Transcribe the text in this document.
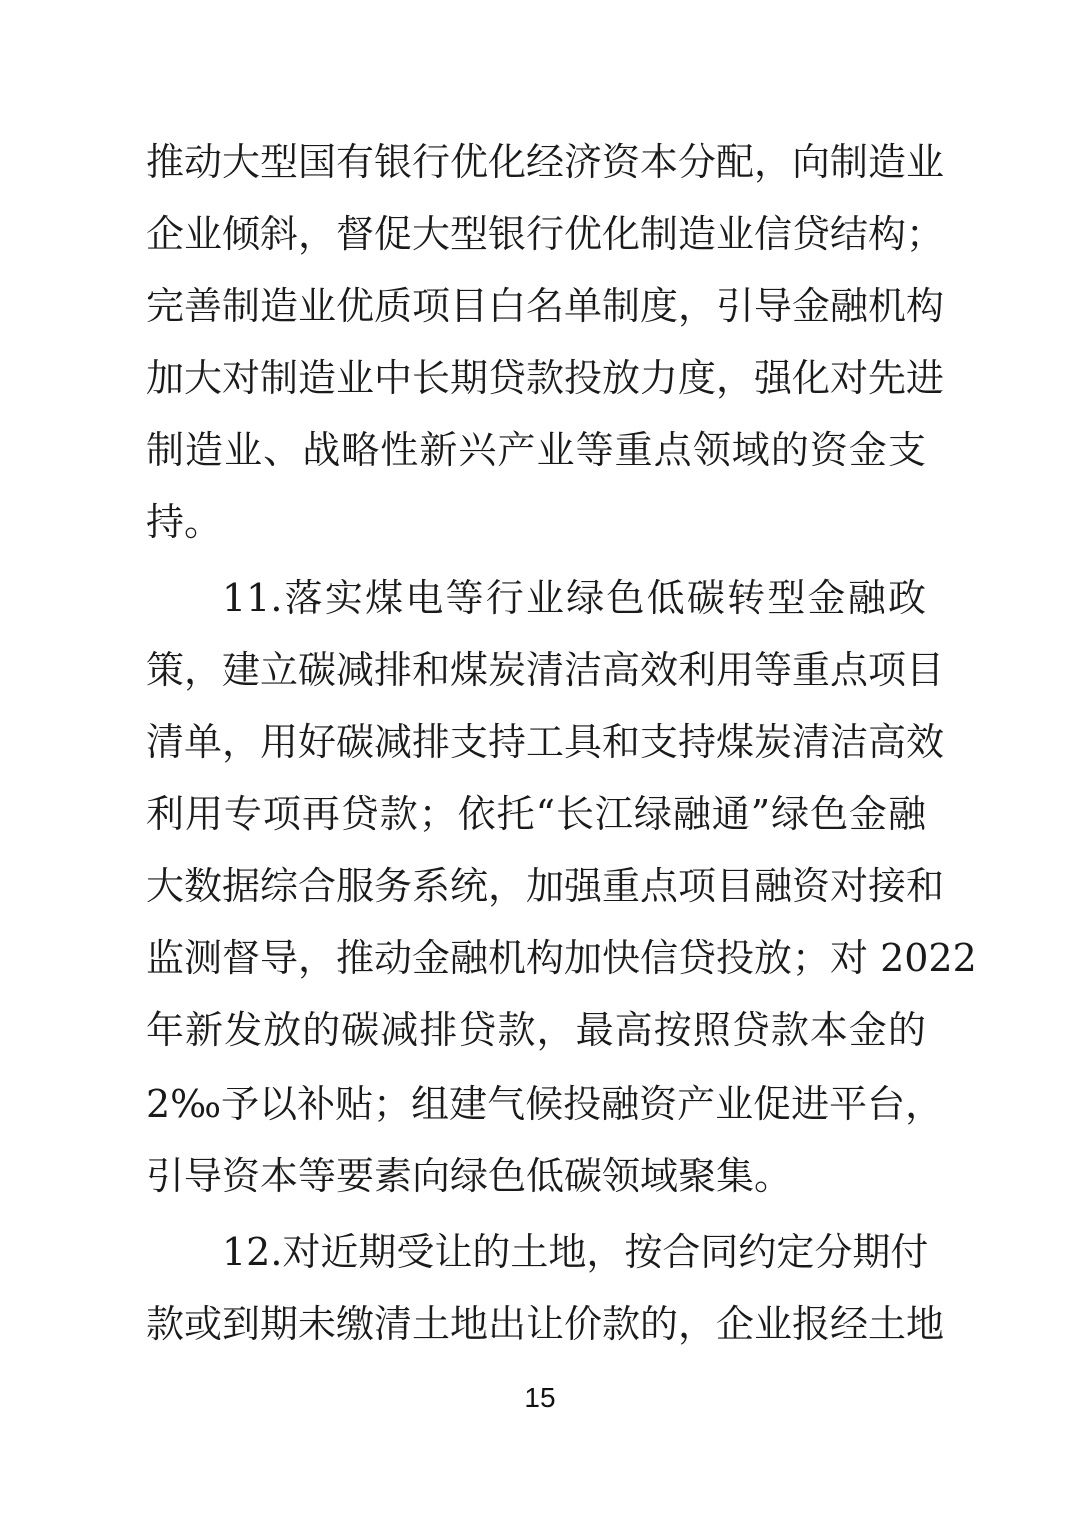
推动大型国有银行优化经济资本分配，向制造业
企业倾斜，督促大型银行优化制造业信贷结构；
完善制造业优质项目白名单制度，引导金融机构
加大对制造业中长期贷款投放力度，强化对先进
制造业、战略性新兴产业等重点领域的资金支
持。
11.落实煤电等行业绿色低碳转型金融政
策，建立碳减排和煤炭清洁高效利用等重点项目
清单，用好碳减排支持工具和支持煤炭清洁高效
利用专项再贷款；依托“长江绿融通”绿色金融
大数据综合服务系统，加强重点项目融资对接和
监测督导，推动金融机构加快信贷投放；对 2022
年新发放的碳减排贷款，最高按照贷款本金的
2‰予以补贴；组建气候投融资产业促进平台，
引导资本等要素向绿色低碳领域聚集。
12.对近期受让的土地，按合同约定分期付
款或到期未缴清土地出让价款的，企业报经土地
15
